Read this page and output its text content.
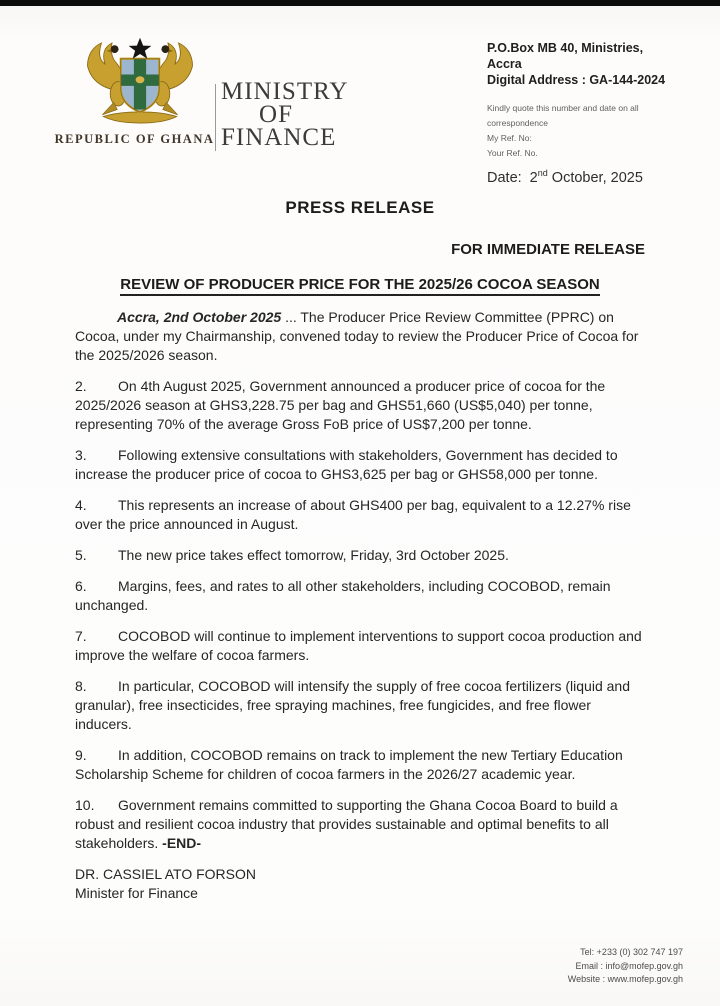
REPUBLIC OF GHANA
MINISTRY
OF
FINANCE
P.O.Box MB 40, Ministries, Accra
Digital Address : GA-144-2024
Kindly quote this number and date on all
correspondence
My Ref. No:
Your Ref. No.
Date: 2nd October, 2025
PRESS RELEASE
FOR IMMEDIATE RELEASE
REVIEW OF PRODUCER PRICE FOR THE 2025/26 COCOA SEASON

Accra, 2nd October 2025 ... The Producer Price Review Committee (PPRC) on Cocoa, under my Chairmanship, convened today to review the Producer Price of Cocoa for the 2025/2026 season.

2. On 4th August 2025, Government announced a producer price of cocoa for the 2025/2026 season at GHS3,228.75 per bag and GHS51,660 (US$5,040) per tonne, representing 70% of the average Gross FoB price of US$7,200 per tonne.

3. Following extensive consultations with stakeholders, Government has decided to increase the producer price of cocoa to GHS3,625 per bag or GHS58,000 per tonne.

4. This represents an increase of about GHS400 per bag, equivalent to a 12.27% rise over the price announced in August.

5. The new price takes effect tomorrow, Friday, 3rd October 2025.

6. Margins, fees, and rates to all other stakeholders, including COCOBOD, remain unchanged.

7. COCOBOD will continue to implement interventions to support cocoa production and improve the welfare of cocoa farmers.

8. In particular, COCOBOD will intensify the supply of free cocoa fertilizers (liquid and granular), free insecticides, free spraying machines, free fungicides, and free flower inducers.

9. In addition, COCOBOD remains on track to implement the new Tertiary Education Scholarship Scheme for children of cocoa farmers in the 2026/27 academic year.

10. Government remains committed to supporting the Ghana Cocoa Board to build a robust and resilient cocoa industry that provides sustainable and optimal benefits to all stakeholders. -END-

DR. CASSIEL ATO FORSON
Minister for Finance
Tel: +233 (0) 302 747 197
Email : info@mofep.gov.gh
Website : www.mofep.gov.gh
